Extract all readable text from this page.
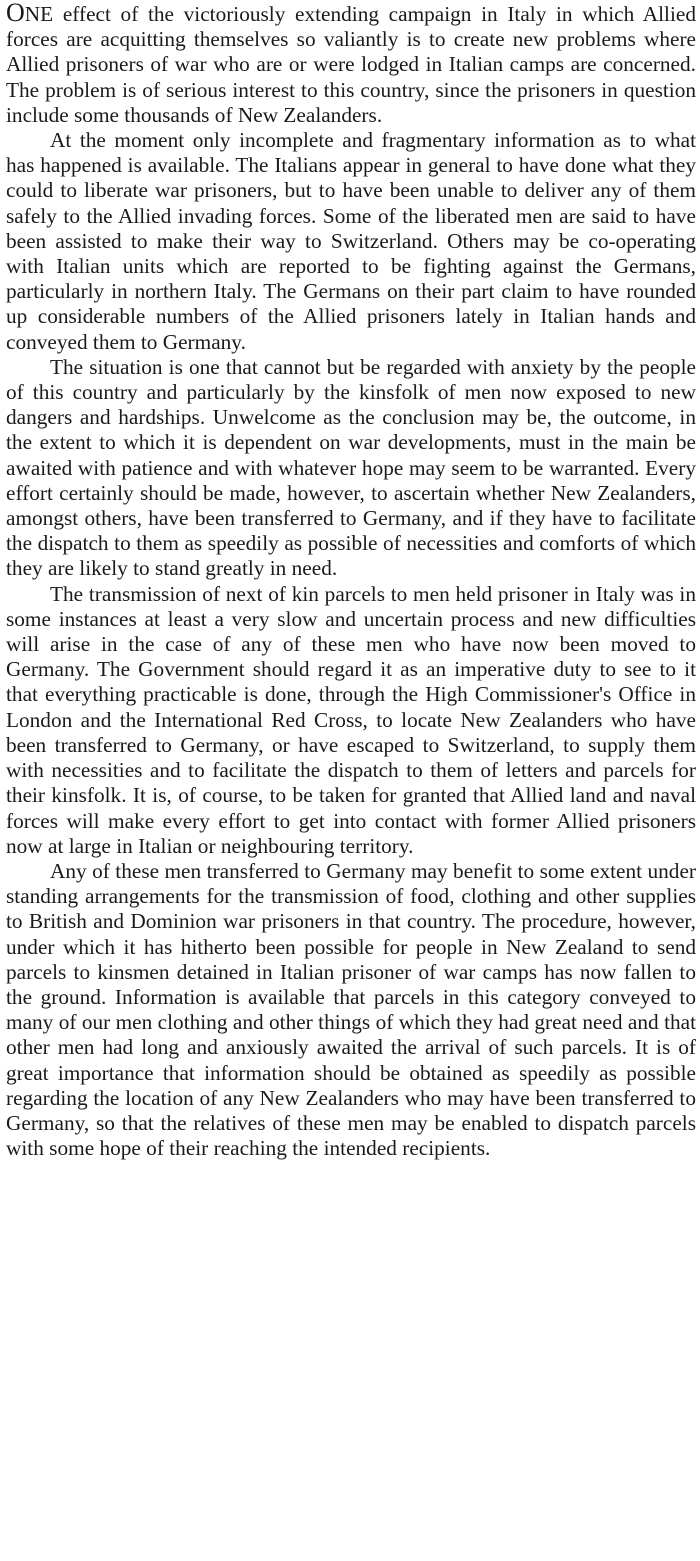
ONE effect of the victoriously extending campaign in Italy in which Allied forces are acquitting themselves so valiantly is to create new problems where Allied prisoners of war who are or were lodged in Italian camps are concerned. The problem is of serious interest to this country, since the prisoners in question include some thousands of New Zealanders.

At the moment only incomplete and fragmentary information as to what has happened is available. The Italians appear in general to have done what they could to liberate war prisoners, but to have been unable to deliver any of them safely to the Allied invading forces. Some of the liberated men are said to have been assisted to make their way to Switzerland. Others may be co-operating with Italian units which are reported to be fighting against the Germans, particularly in northern Italy. The Germans on their part claim to have rounded up considerable numbers of the Allied prisoners lately in Italian hands and conveyed them to Germany.

The situation is one that cannot but be regarded with anxiety by the people of this country and particularly by the kinsfolk of men now exposed to new dangers and hardships. Unwelcome as the conclusion may be, the outcome, in the extent to which it is dependent on war developments, must in the main be awaited with patience and with whatever hope may seem to be warranted. Every effort certainly should be made, however, to ascertain whether New Zealanders, amongst others, have been transferred to Germany, and if they have to facilitate the dispatch to them as speedily as possible of necessities and comforts of which they are likely to stand greatly in need.

The transmission of next of kin parcels to men held prisoner in Italy was in some instances at least a very slow and uncertain process and new difficulties will arise in the case of any of these men who have now been moved to Germany. The Government should regard it as an imperative duty to see to it that everything practicable is done, through the High Commissioner's Office in London and the International Red Cross, to locate New Zealanders who have been transferred to Germany, or have escaped to Switzerland, to supply them with necessities and to facilitate the dispatch to them of letters and parcels for their kinsfolk. It is, of course, to be taken for granted that Allied land and naval forces will make every effort to get into contact with former Allied prisoners now at large in Italian or neighbouring territory.

Any of these men transferred to Germany may benefit to some extent under standing arrangements for the transmission of food, clothing and other supplies to British and Dominion war prisoners in that country. The procedure, however, under which it has hitherto been possible for people in New Zealand to send parcels to kinsmen detained in Italian prisoner of war camps has now fallen to the ground. Information is available that parcels in this category conveyed to many of our men clothing and other things of which they had great need and that other men had long and anxiously awaited the arrival of such parcels. It is of great importance that information should be obtained as speedily as possible regarding the location of any New Zealanders who may have been transferred to Germany, so that the relatives of these men may be enabled to dispatch parcels with some hope of their reaching the intended recipients.
